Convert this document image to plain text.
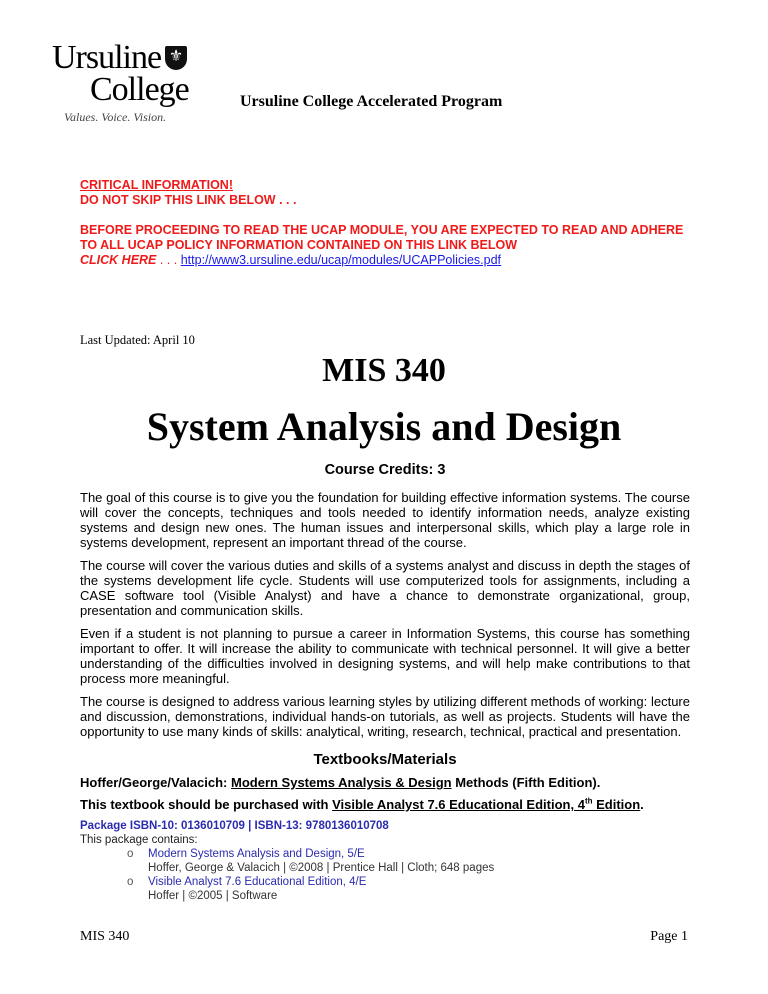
Ursuline ⚜
College
Values. Voice. Vision.
Ursuline College Accelerated Program
CRITICAL INFORMATION!
DO NOT SKIP THIS LINK BELOW . . .
BEFORE PROCEEDING TO READ THE UCAP MODULE, YOU ARE EXPECTED TO READ AND ADHERE TO ALL UCAP POLICY INFORMATION CONTAINED ON THIS LINK BELOW
CLICK HERE . . . http://www3.ursuline.edu/ucap/modules/UCAPPolicies.pdf
Last Updated: April 10
MIS 340
System Analysis and Design
Course Credits: 3

The goal of this course is to give you the foundation for building effective information systems. The course will cover the concepts, techniques and tools needed to identify information needs, analyze existing systems and design new ones. The human issues and interpersonal skills, which play a large role in systems development, represent an important thread of the course.

The course will cover the various duties and skills of a systems analyst and discuss in depth the stages of the systems development life cycle. Students will use computerized tools for assignments, including a CASE software tool (Visible Analyst) and have a chance to demonstrate organizational, group, presentation and communication skills.

Even if a student is not planning to pursue a career in Information Systems, this course has something important to offer. It will increase the ability to communicate with technical personnel. It will give a better understanding of the difficulties involved in designing systems, and will help make contributions to that process more meaningful.

The course is designed to address various learning styles by utilizing different methods of working: lecture and discussion, demonstrations, individual hands-on tutorials, as well as projects. Students will have the opportunity to use many kinds of skills: analytical, writing, research, technical, practical and presentation.

Textbooks/Materials
Hoffer/George/Valacich: Modern Systems Analysis & Design Methods (Fifth Edition).
This textbook should be purchased with Visible Analyst 7.6 Educational Edition, 4th Edition.
Package ISBN-10: 0136010709 | ISBN-13: 9780136010708
This package contains:
o Modern Systems Analysis and Design, 5/E
Hoffer, George & Valacich | ©2008 | Prentice Hall | Cloth; 648 pages
o Visible Analyst 7.6 Educational Edition, 4/E
Hoffer | ©2005 | Software
MIS 340	Page 1
